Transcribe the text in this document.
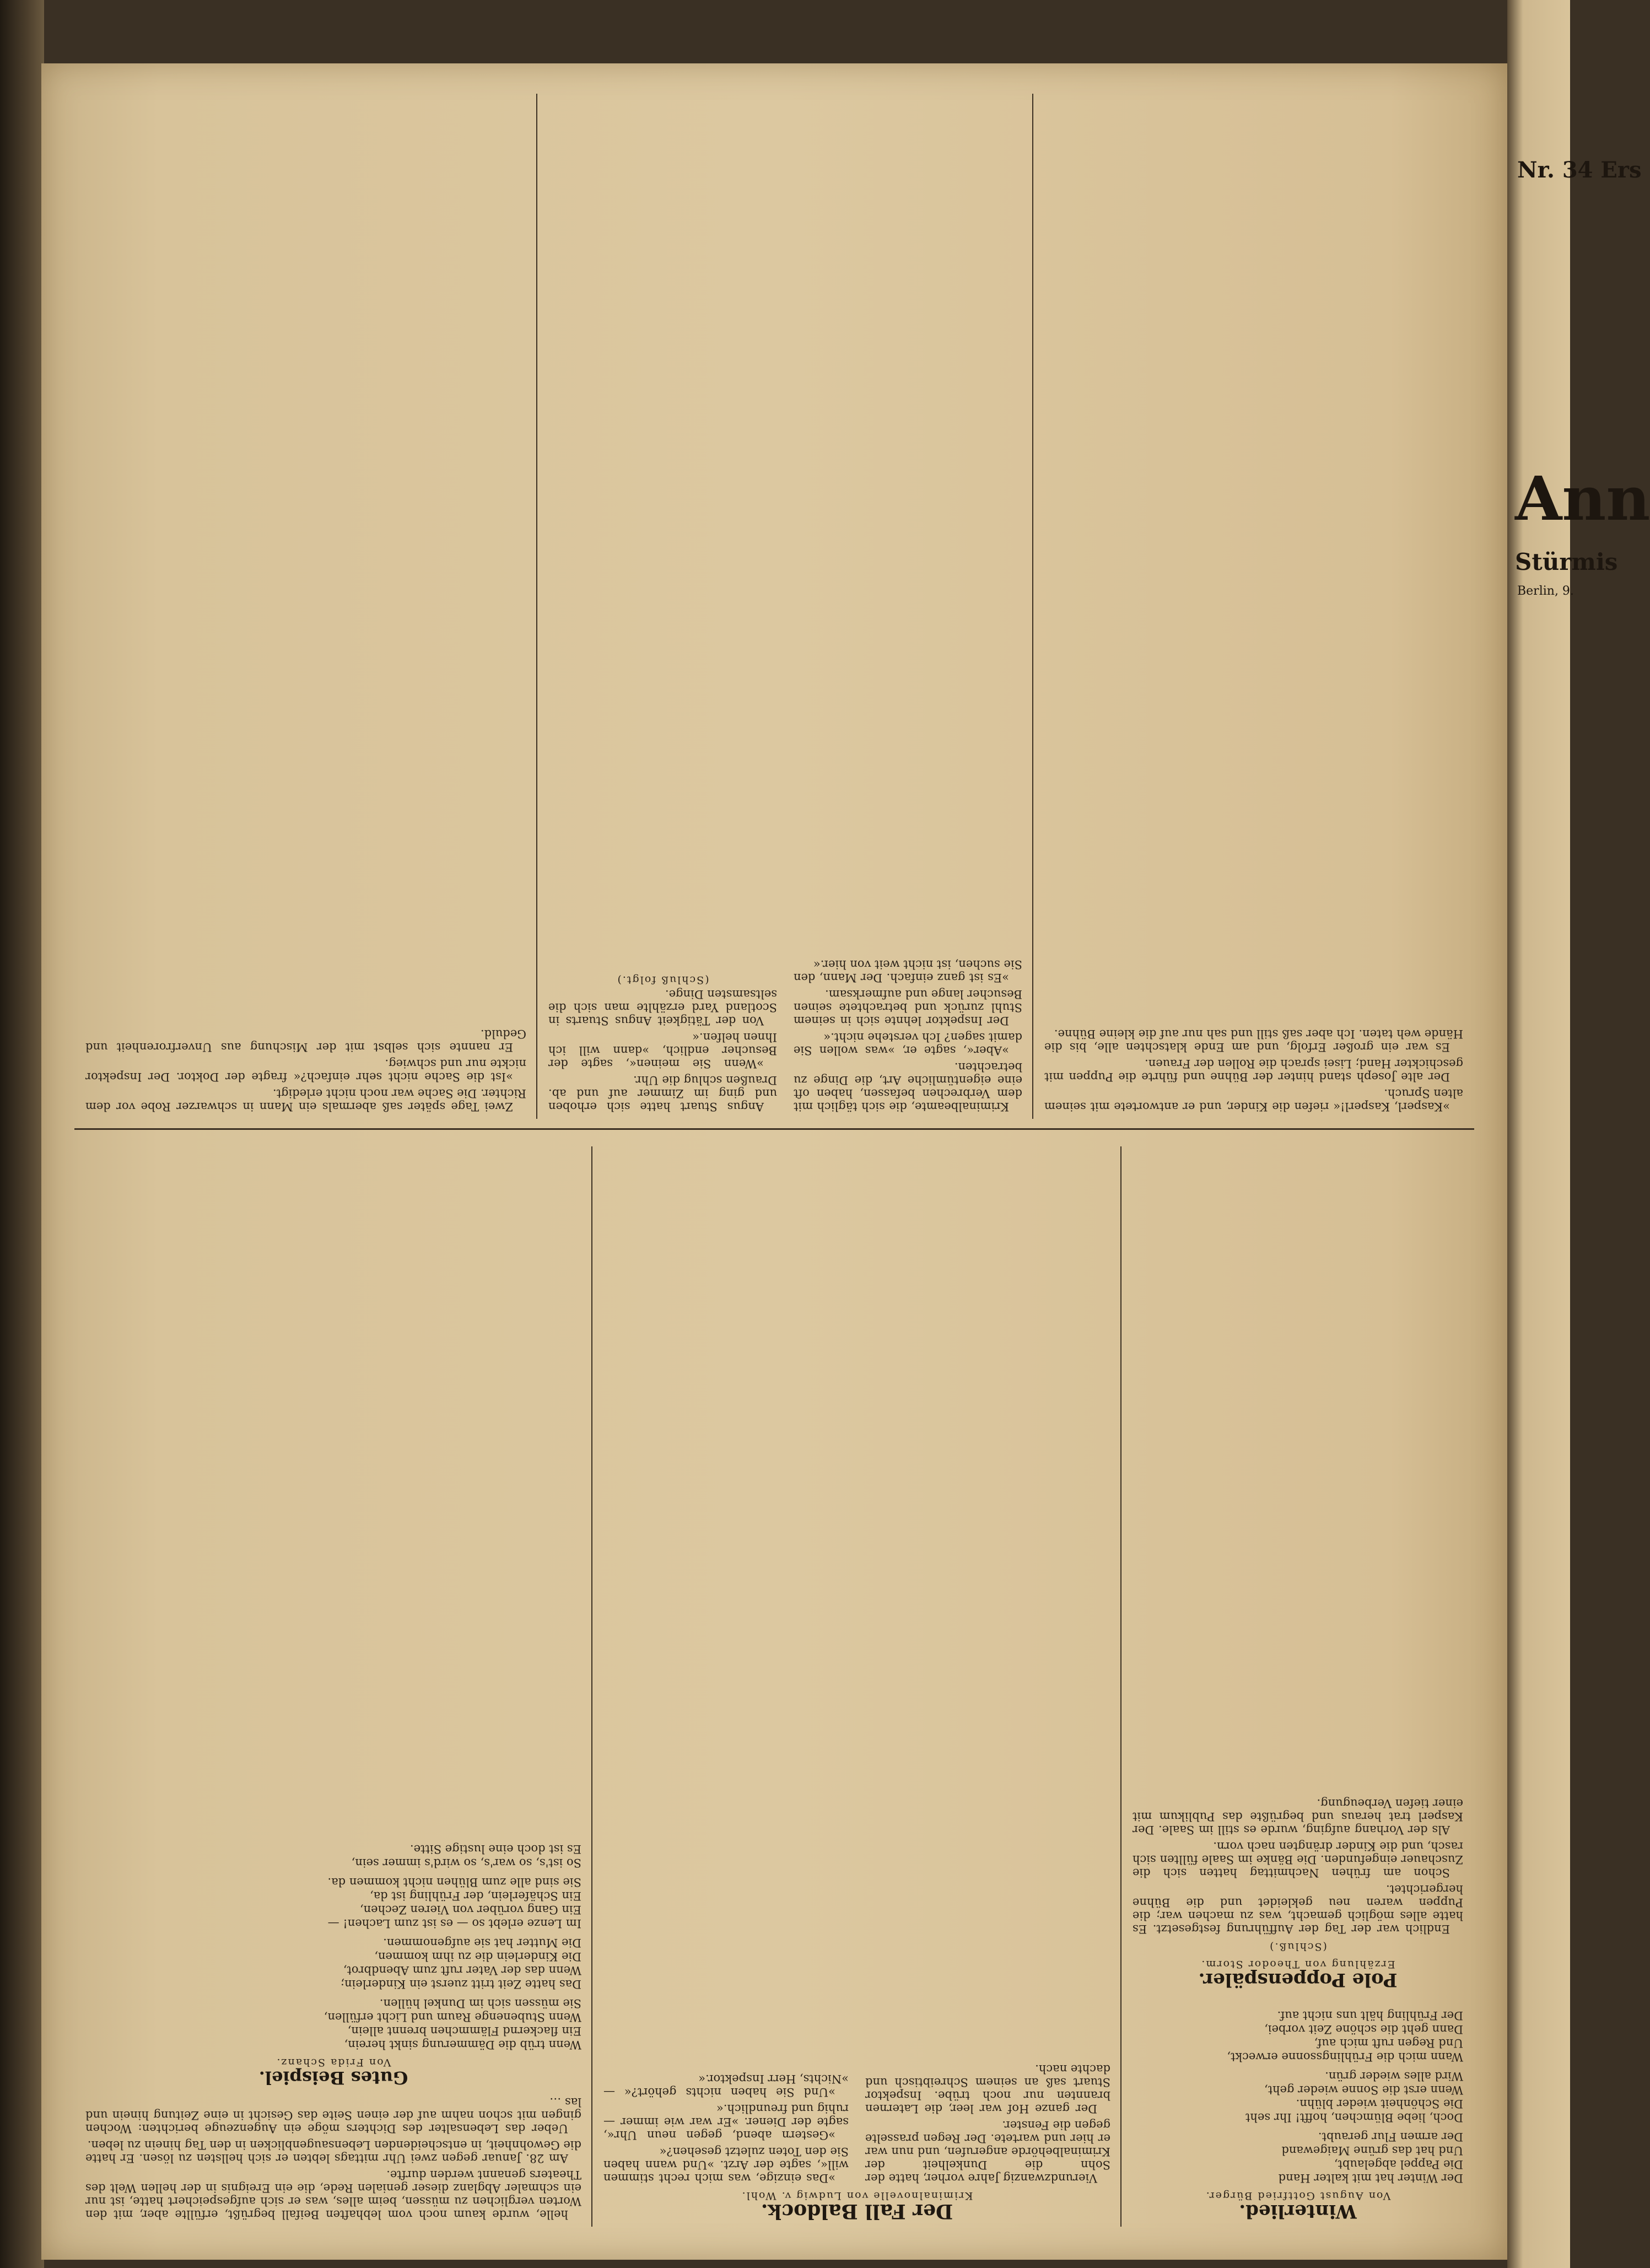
Winterlied.
Von August Gottfried Bürger.
Der Winter hat mit kalter Hand
Die Pappel abgelaubt,
Und hat das grüne Maigewand
Der armen Flur geraubt.
Doch, liebe Blümchen, hofft! Ihr seht
Die Schönheit wieder blühn.
Wenn erst die Sonne wieder geht,
Wird alles wieder grün.
Wann mich die Frühlingssonne erweckt,
Und Regen ruft mich auf,
Dann geht die schöne Zeit vorbei,
Der Frühling hält uns nicht auf.
Pole Poppenspäler.
Erzählung von Theodor Storm.
(Schluß.)

Endlich war der Tag der Aufführung festgesetzt. Es hatte alles möglich gemacht, was zu machen war; die Puppen waren neu gekleidet und die Bühne hergerichtet.

Schon am frühen Nachmittag hatten sich die Zuschauer eingefunden. Die Bänke im Saale füllten sich rasch, und die Kinder drängten nach vorn.

Als der Vorhang aufging, wurde es still im Saale. Der Kasperl trat heraus und begrüßte das Publikum mit einer tiefen Verbeugung.

Der Fall Baldock.
Kriminalnovelle von Ludwig v. Wohl.

Vierundzwanzig Jahre vorher, hatte der Sohn die Dunkelheit der Kriminalbehörde angerufen, und nun war er hier und wartete. Der Regen prasselte gegen die Fenster.

Der ganze Hof war leer, die Laternen brannten nur noch trübe. Inspektor Stuart saß an seinem Schreibtisch und dachte nach.

»Das einzige, was mich recht stimmen will«, sagte der Arzt. »Und wann haben Sie den Toten zuletzt gesehen?«

»Gestern abend, gegen neun Uhr«, sagte der Diener. »Er war wie immer — ruhig und freundlich.«

»Und Sie haben nichts gehört?« — »Nichts, Herr Inspektor.«

helle, wurde kaum noch vom lebhaften Beifall begrüßt, erfüllte aber, mit den Worten verglichen zu müssen, beim alles, was er sich aufgespeichert hatte, ist nur ein schmaler Abglanz dieser genialen Rede, die ein Ereignis in der hellen Welt des Theaters genannt werden durfte.

Am 28. Januar gegen zwei Uhr mittags lebten er sich hellsten zu lösen. Er hatte die Gewohnheit, in entscheidenden Lebensaugenblicken in den Tag hinein zu leben.

Ueber das Lebensalter des Dichters möge ein Augenzeuge berichten: Wochen gingen mit schon nahm auf der einen Seite das Gesicht in eine Zeitung hinein und las …

Gutes Beispiel.
Von Frida Schanz.
Wenn trüb die Dämmerung sinkt herein,
Ein flackernd Flämmchen brennt allein,
Wenn Stubenenge Raum und Licht erfüllen,
Sie müssen sich im Dunkel hüllen.
Das hatte Zeit tritt zuerst ein Kinderlein;
Wenn das der Vater ruft zum Abendbrot,
Die Kinderlein die zu ihm kommen,
Die Mutter hat sie aufgenommen.
Im Lenze erlebt so — es ist zum Lachen! —
Ein Gang vorüber von Vieren Zechen,
Ein Schäferlein, der Frühling ist da,
Sie sind alle zum Blühen nicht kommen da.
So ist's, so war's, so wird's immer sein,
Es ist doch eine lustige Sitte.

»Kasperl, Kasperl!« riefen die Kinder, und er antwortete mit seinem alten Spruch.

Der alte Joseph stand hinter der Bühne und führte die Puppen mit geschickter Hand; Lisei sprach die Rollen der Frauen.

Es war ein großer Erfolg, und am Ende klatschten alle, bis die Hände weh taten. Ich aber saß still und sah nur auf die kleine Bühne.

Kriminalbeamte, die sich täglich mit dem Verbrechen befassen, haben oft eine eigentümliche Art, die Dinge zu betrachten.

»Aber«, sagte er, »was wollen Sie damit sagen? Ich verstehe nicht.«

Der Inspektor lehnte sich in seinem Stuhl zurück und betrachtete seinen Besucher lange und aufmerksam.

»Es ist ganz einfach. Der Mann, den Sie suchen, ist nicht weit von hier.«

Angus Stuart hatte sich erhoben und ging im Zimmer auf und ab. Draußen schlug die Uhr.

»Wenn Sie meinen«, sagte der Besucher endlich, »dann will ich Ihnen helfen.«

Von der Tätigkeit Angus Stuarts in Scotland Yard erzählte man sich die seltsamsten Dinge.

(Schluß folgt.)

Zwei Tage später saß abermals ein Mann in schwarzer Robe vor dem Richter. Die Sache war noch nicht erledigt.

»Ist die Sache nicht sehr einfach?« fragte der Doktor. Der Inspektor nickte nur und schwieg.

Er nannte sich selbst mit der Mischung aus Unverfrorenheit und Geduld.

Nr. 34 Ers
Ann
Stürmis
Berlin, 9.
